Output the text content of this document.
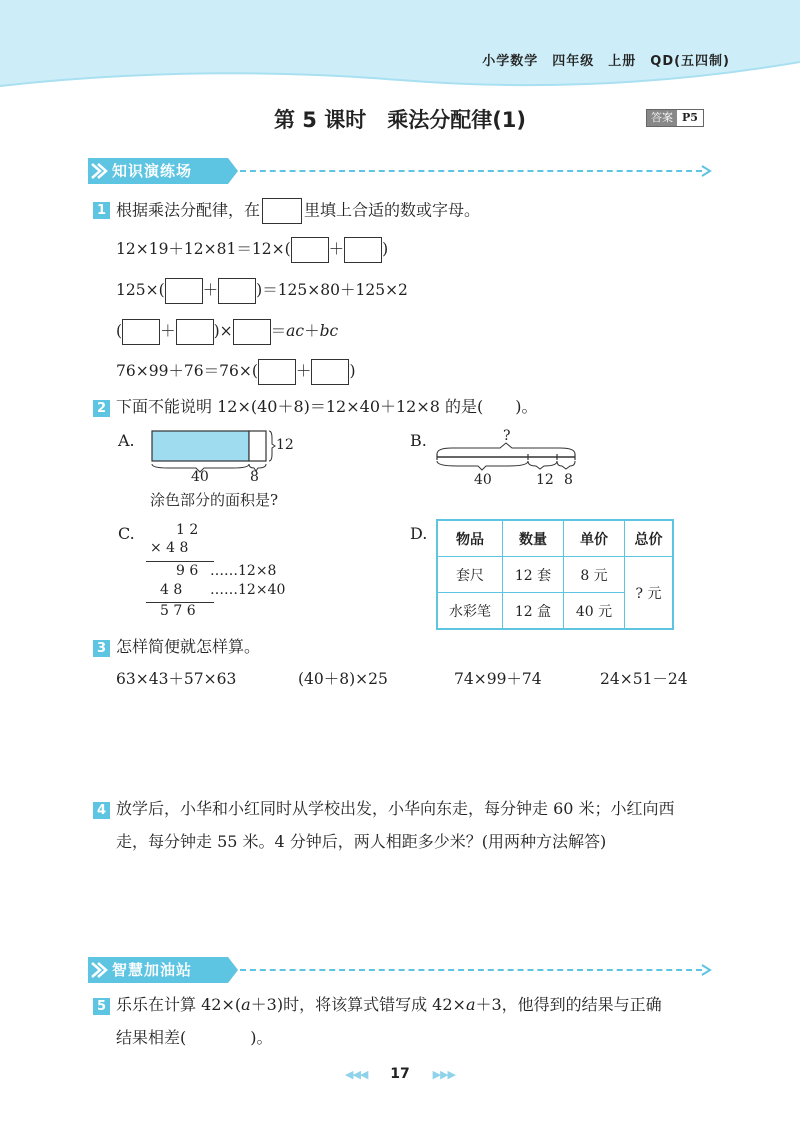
小学数学　四年级　上册　QD(五四制)
第 5 课时　乘法分配律(1)	答案 P5
知识演练场
1 根据乘法分配律，在	里填上合适的数或字母。
12×19＋12×81＝12×( ＋ )
125×( ＋ )＝125×80＋125×2
( ＋ )× ＝ac＋bc
76×99＋76＝76×( ＋ )
2 下面不能说明 12×(40＋8)＝12×40＋12×8 的是(　　)。
A.	12
40	8
涂色部分的面积是?
B.	?
40	12 8
C.	1 2
× 4 8
9 6 ……12×8
4 8 ……12×40
5 7 6
D. 物品	数量	单价	总价
套尺	12 套	8 元	? 元
水彩笔	12 盒	40 元	
3 怎样简便就怎样算。
63×43＋57×63	(40＋8)×25	74×99＋74	24×51－24
4 放学后，小华和小红同时从学校出发，小华向东走，每分钟走 60 米；小红向西
走，每分钟走 55 米。4 分钟后，两人相距多少米？(用两种方法解答)
智慧加油站
5 乐乐在计算 42×(a＋3)时，将该算式错写成 42×a＋3，他得到的结果与正确
结果相差(　　　　)。
◀◀◀ 17 ▶▶▶
